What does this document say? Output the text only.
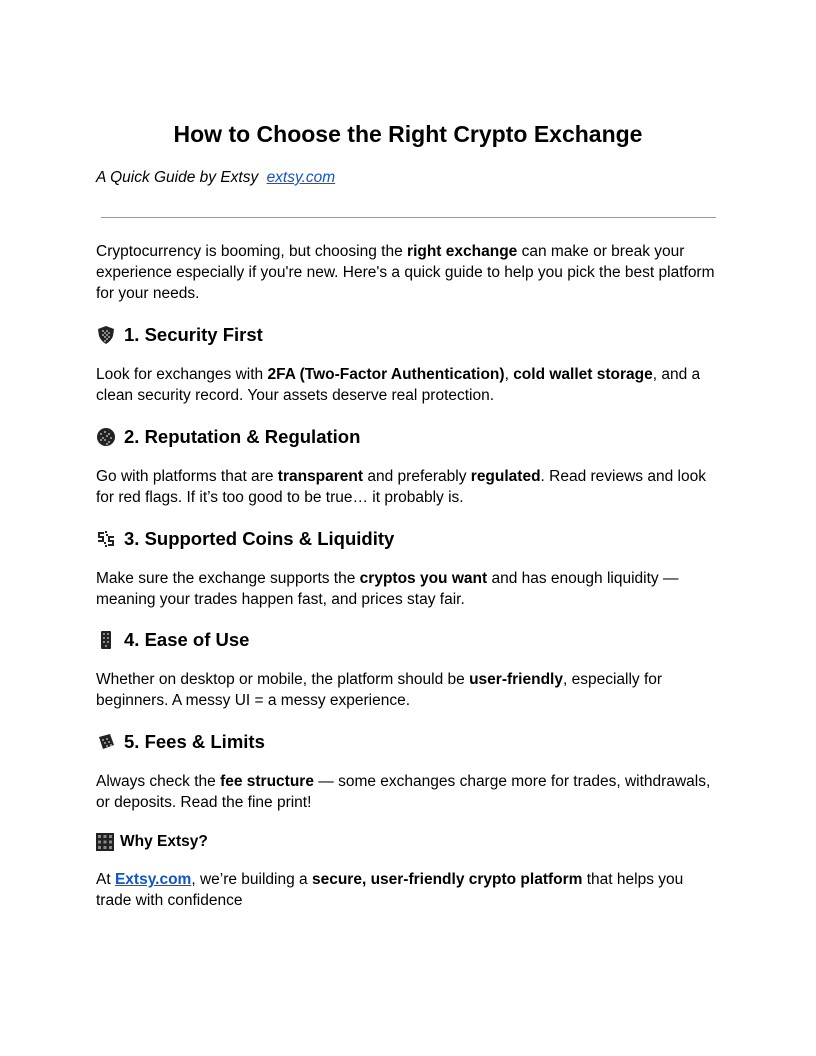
How to Choose the Right Crypto Exchange
A Quick Guide by Extsy extsy.com
Cryptocurrency is booming, but choosing the right exchange can make or break your experience especially if you're new. Here's a quick guide to help you pick the best platform for your needs.
1. Security First
Look for exchanges with 2FA (Two-Factor Authentication), cold wallet storage, and a clean security record. Your assets deserve real protection.
2. Reputation & Regulation
Go with platforms that are transparent and preferably regulated. Read reviews and look for red flags. If it’s too good to be true… it probably is.
3. Supported Coins & Liquidity
Make sure the exchange supports the cryptos you want and has enough liquidity — meaning your trades happen fast, and prices stay fair.
4. Ease of Use
Whether on desktop or mobile, the platform should be user-friendly, especially for beginners. A messy UI = a messy experience.
5. Fees & Limits
Always check the fee structure — some exchanges charge more for trades, withdrawals, or deposits. Read the fine print!
Why Extsy?
At Extsy.com, we’re building a secure, user-friendly crypto platform that helps you trade with confidence
